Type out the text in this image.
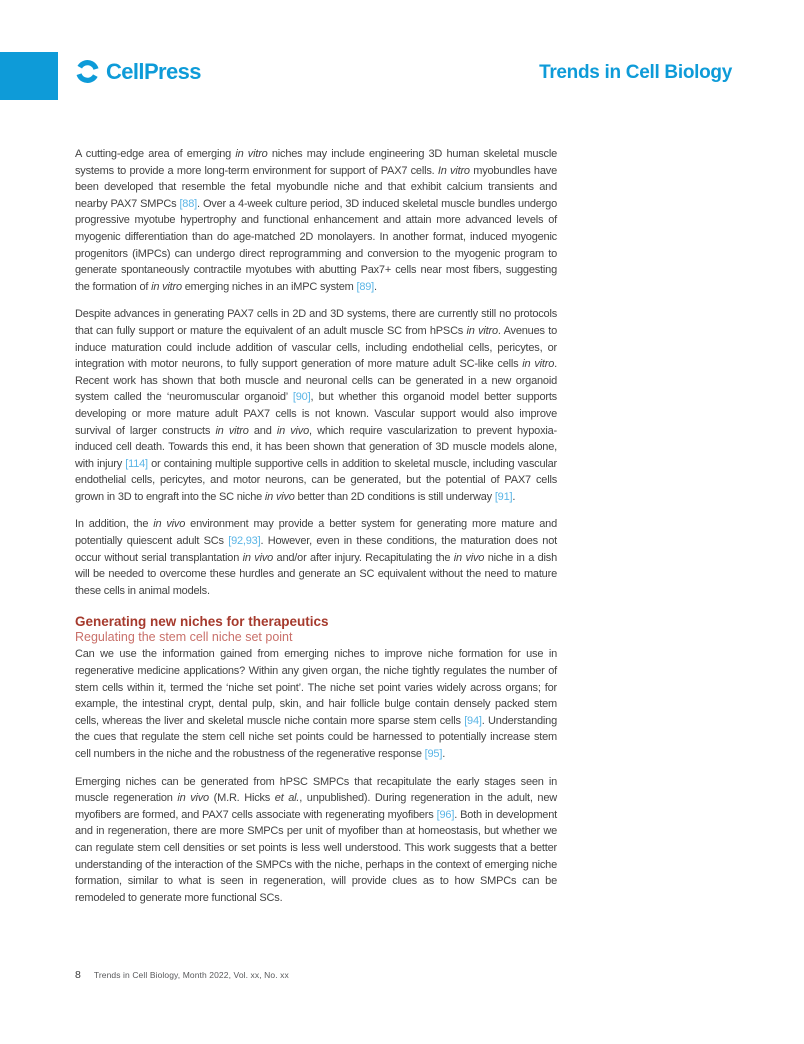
CellPress	Trends in Cell Biology

A cutting-edge area of emerging in vitro niches may include engineering 3D human skeletal muscle systems to provide a more long-term environment for support of PAX7 cells. In vitro myobundles have been developed that resemble the fetal myobundle niche and that exhibit calcium transients and nearby PAX7 SMPCs [88]. Over a 4-week culture period, 3D induced skeletal muscle bundles undergo progressive myotube hypertrophy and functional enhancement and attain more advanced levels of myogenic differentiation than do age-matched 2D monolayers. In another format, induced myogenic progenitors (iMPCs) can undergo direct reprogramming and conversion to the myogenic program to generate spontaneously contractile myotubes with abutting Pax7+ cells near most fibers, suggesting the formation of in vitro emerging niches in an iMPC system [89].

Despite advances in generating PAX7 cells in 2D and 3D systems, there are currently still no protocols that can fully support or mature the equivalent of an adult muscle SC from hPSCs in vitro. Avenues to induce maturation could include addition of vascular cells, including endothelial cells, pericytes, or integration with motor neurons, to fully support generation of more mature adult SC-like cells in vitro. Recent work has shown that both muscle and neuronal cells can be generated in a new organoid system called the ‘neuromuscular organoid’ [90], but whether this organoid model better supports developing or more mature adult PAX7 cells is not known. Vascular support would also improve survival of larger constructs in vitro and in vivo, which require vascularization to prevent hypoxia-induced cell death. Towards this end, it has been shown that generation of 3D muscle models alone, with injury [114] or containing multiple supportive cells in addition to skeletal muscle, including vascular endothelial cells, pericytes, and motor neurons, can be generated, but the potential of PAX7 cells grown in 3D to engraft into the SC niche in vivo better than 2D conditions is still underway [91].

In addition, the in vivo environment may provide a better system for generating more mature and potentially quiescent adult SCs [92,93]. However, even in these conditions, the maturation does not occur without serial transplantation in vivo and/or after injury. Recapitulating the in vivo niche in a dish will be needed to overcome these hurdles and generate an SC equivalent without the need to mature these cells in animal models.

Generating new niches for therapeutics
Regulating the stem cell niche set point

Can we use the information gained from emerging niches to improve niche formation for use in regenerative medicine applications? Within any given organ, the niche tightly regulates the number of stem cells within it, termed the ‘niche set point’. The niche set point varies widely across organs; for example, the intestinal crypt, dental pulp, skin, and hair follicle bulge contain densely packed stem cells, whereas the liver and skeletal muscle niche contain more sparse stem cells [94]. Understanding the cues that regulate the stem cell niche set points could be harnessed to potentially increase stem cell numbers in the niche and the robustness of the regenerative response [95].

Emerging niches can be generated from hPSC SMPCs that recapitulate the early stages seen in muscle regeneration in vivo (M.R. Hicks et al., unpublished). During regeneration in the adult, new myofibers are formed, and PAX7 cells associate with regenerating myofibers [96]. Both in development and in regeneration, there are more SMPCs per unit of myofiber than at homeostasis, but whether we can regulate stem cell densities or set points is less well understood. This work suggests that a better understanding of the interaction of the SMPCs with the niche, perhaps in the context of emerging niche formation, similar to what is seen in regeneration, will provide clues as to how SMPCs can be remodeled to generate more functional SCs.

8 Trends in Cell Biology, Month 2022, Vol. xx, No. xx
